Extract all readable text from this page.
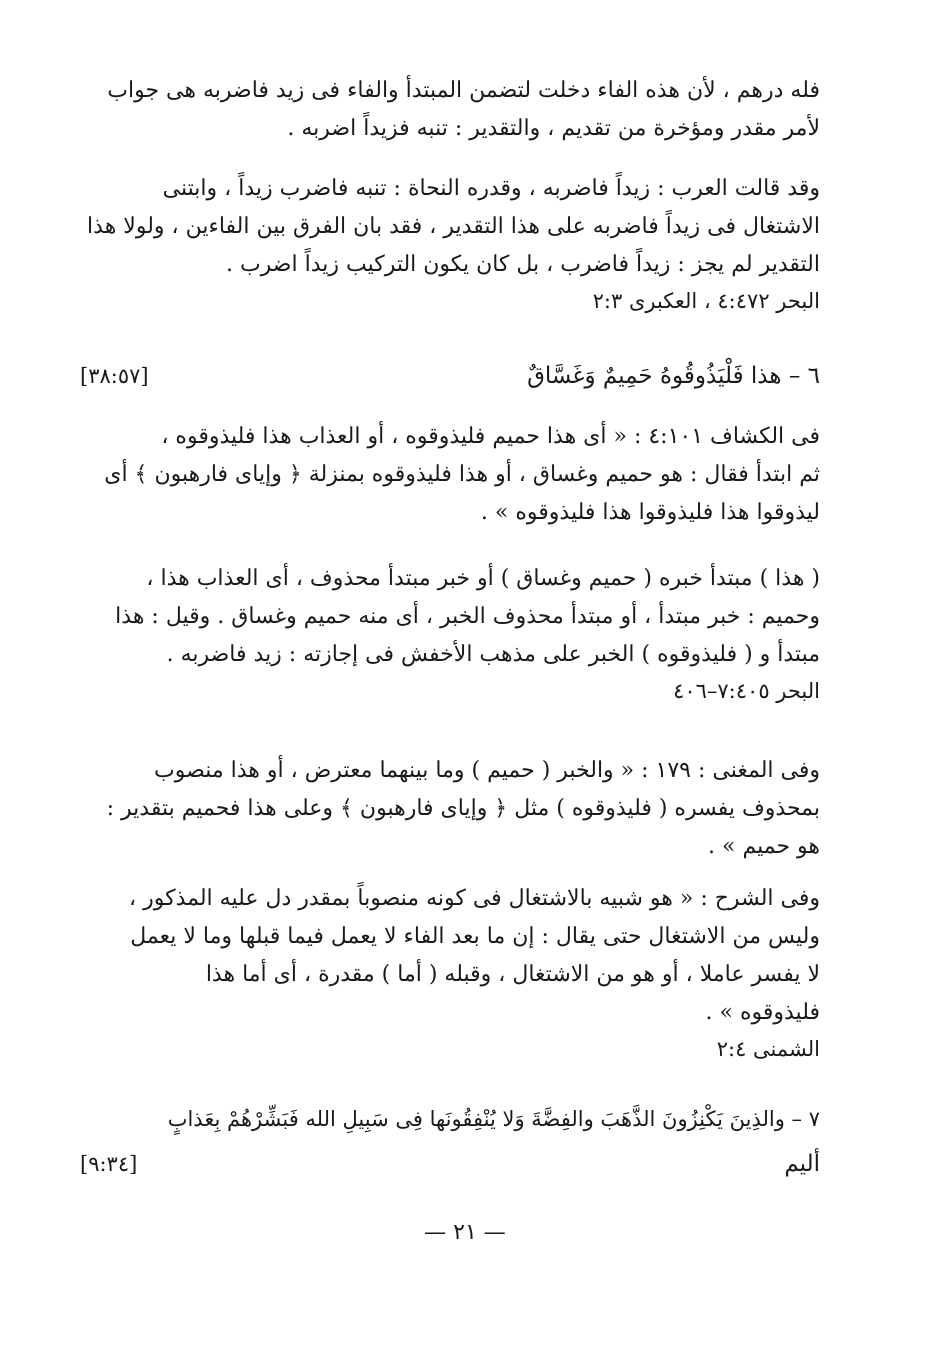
فله درهم ، لأن هذه الفاء دخلت لتضمن المبتدأ والفاء فى زيد فاضربه هى جواب
لأمر مقدر ومؤخرة من تقديم ، والتقدير : تنبه فزيداً اضربه .
وقد قالت العرب : زيداً فاضربه ، وقدره النحاة : تنبه فاضرب زيداً ، وابتنى
الاشتغال فى زيداً فاضربه على هذا التقدير ، فقد بان الفرق بين الفاءين ، ولولا هذا
التقدير لم يجز : زيداً فاضرب ، بل كان يكون التركيب زيداً اضرب .
البحر ٤:٤٧٢ ، العكبرى ٢:٣
٦ – هذا فَلْيَذُوقُوهُ حَمِيمٌ وَغَسَّاقٌ
[٣٨:٥٧]
فى الكشاف ٤:١٠١ : « أى هذا حميم فليذوقوه ، أو العذاب هذا فليذوقوه ،
ثم ابتدأ فقال : هو حميم وغساق ، أو هذا فليذوقوه بمنزلة ﴿ وإياى فارهبون ﴾ أى
ليذوقوا هذا فليذوقوا هذا فليذوقوه » .
( هذا ) مبتدأ خبره ( حميم وغساق ) أو خبر مبتدأ محذوف ، أى العذاب هذا ،
وحميم : خبر مبتدأ ، أو مبتدأ محذوف الخبر ، أى منه حميم وغساق . وقيل : هذا
مبتدأ و ( فليذوقوه ) الخبر على مذهب الأخفش فى إجازته : زيد فاضربه .
البحر ٧:٤٠٥–٤٠٦
وفى المغنى : ١٧٩ : « والخبر ( حميم ) وما بينهما معترض ، أو هذا منصوب
بمحذوف يفسره ( فليذوقوه ) مثل ﴿ وإياى فارهبون ﴾ وعلى هذا فحميم بتقدير :
هو حميم » .
وفى الشرح : « هو شبيه بالاشتغال فى كونه منصوباً بمقدر دل عليه المذكور ،
وليس من الاشتغال حتى يقال : إن ما بعد الفاء لا يعمل فيما قبلها وما لا يعمل
لا يفسر عاملا ، أو هو من الاشتغال ، وقبله ( أما ) مقدرة ، أى أما هذا
فليذوقوه » .
الشمنى ٢:٤
٧ – والذِينَ يَكْنِزُونَ الذَّهَبَ والفِضَّةَ وَلا يُنْفِقُونَها فِى سَبِيلِ الله فَبَشِّرْهُمْ بِعَذابٍ
أليم
[٩:٣٤]
— ٢١ —
